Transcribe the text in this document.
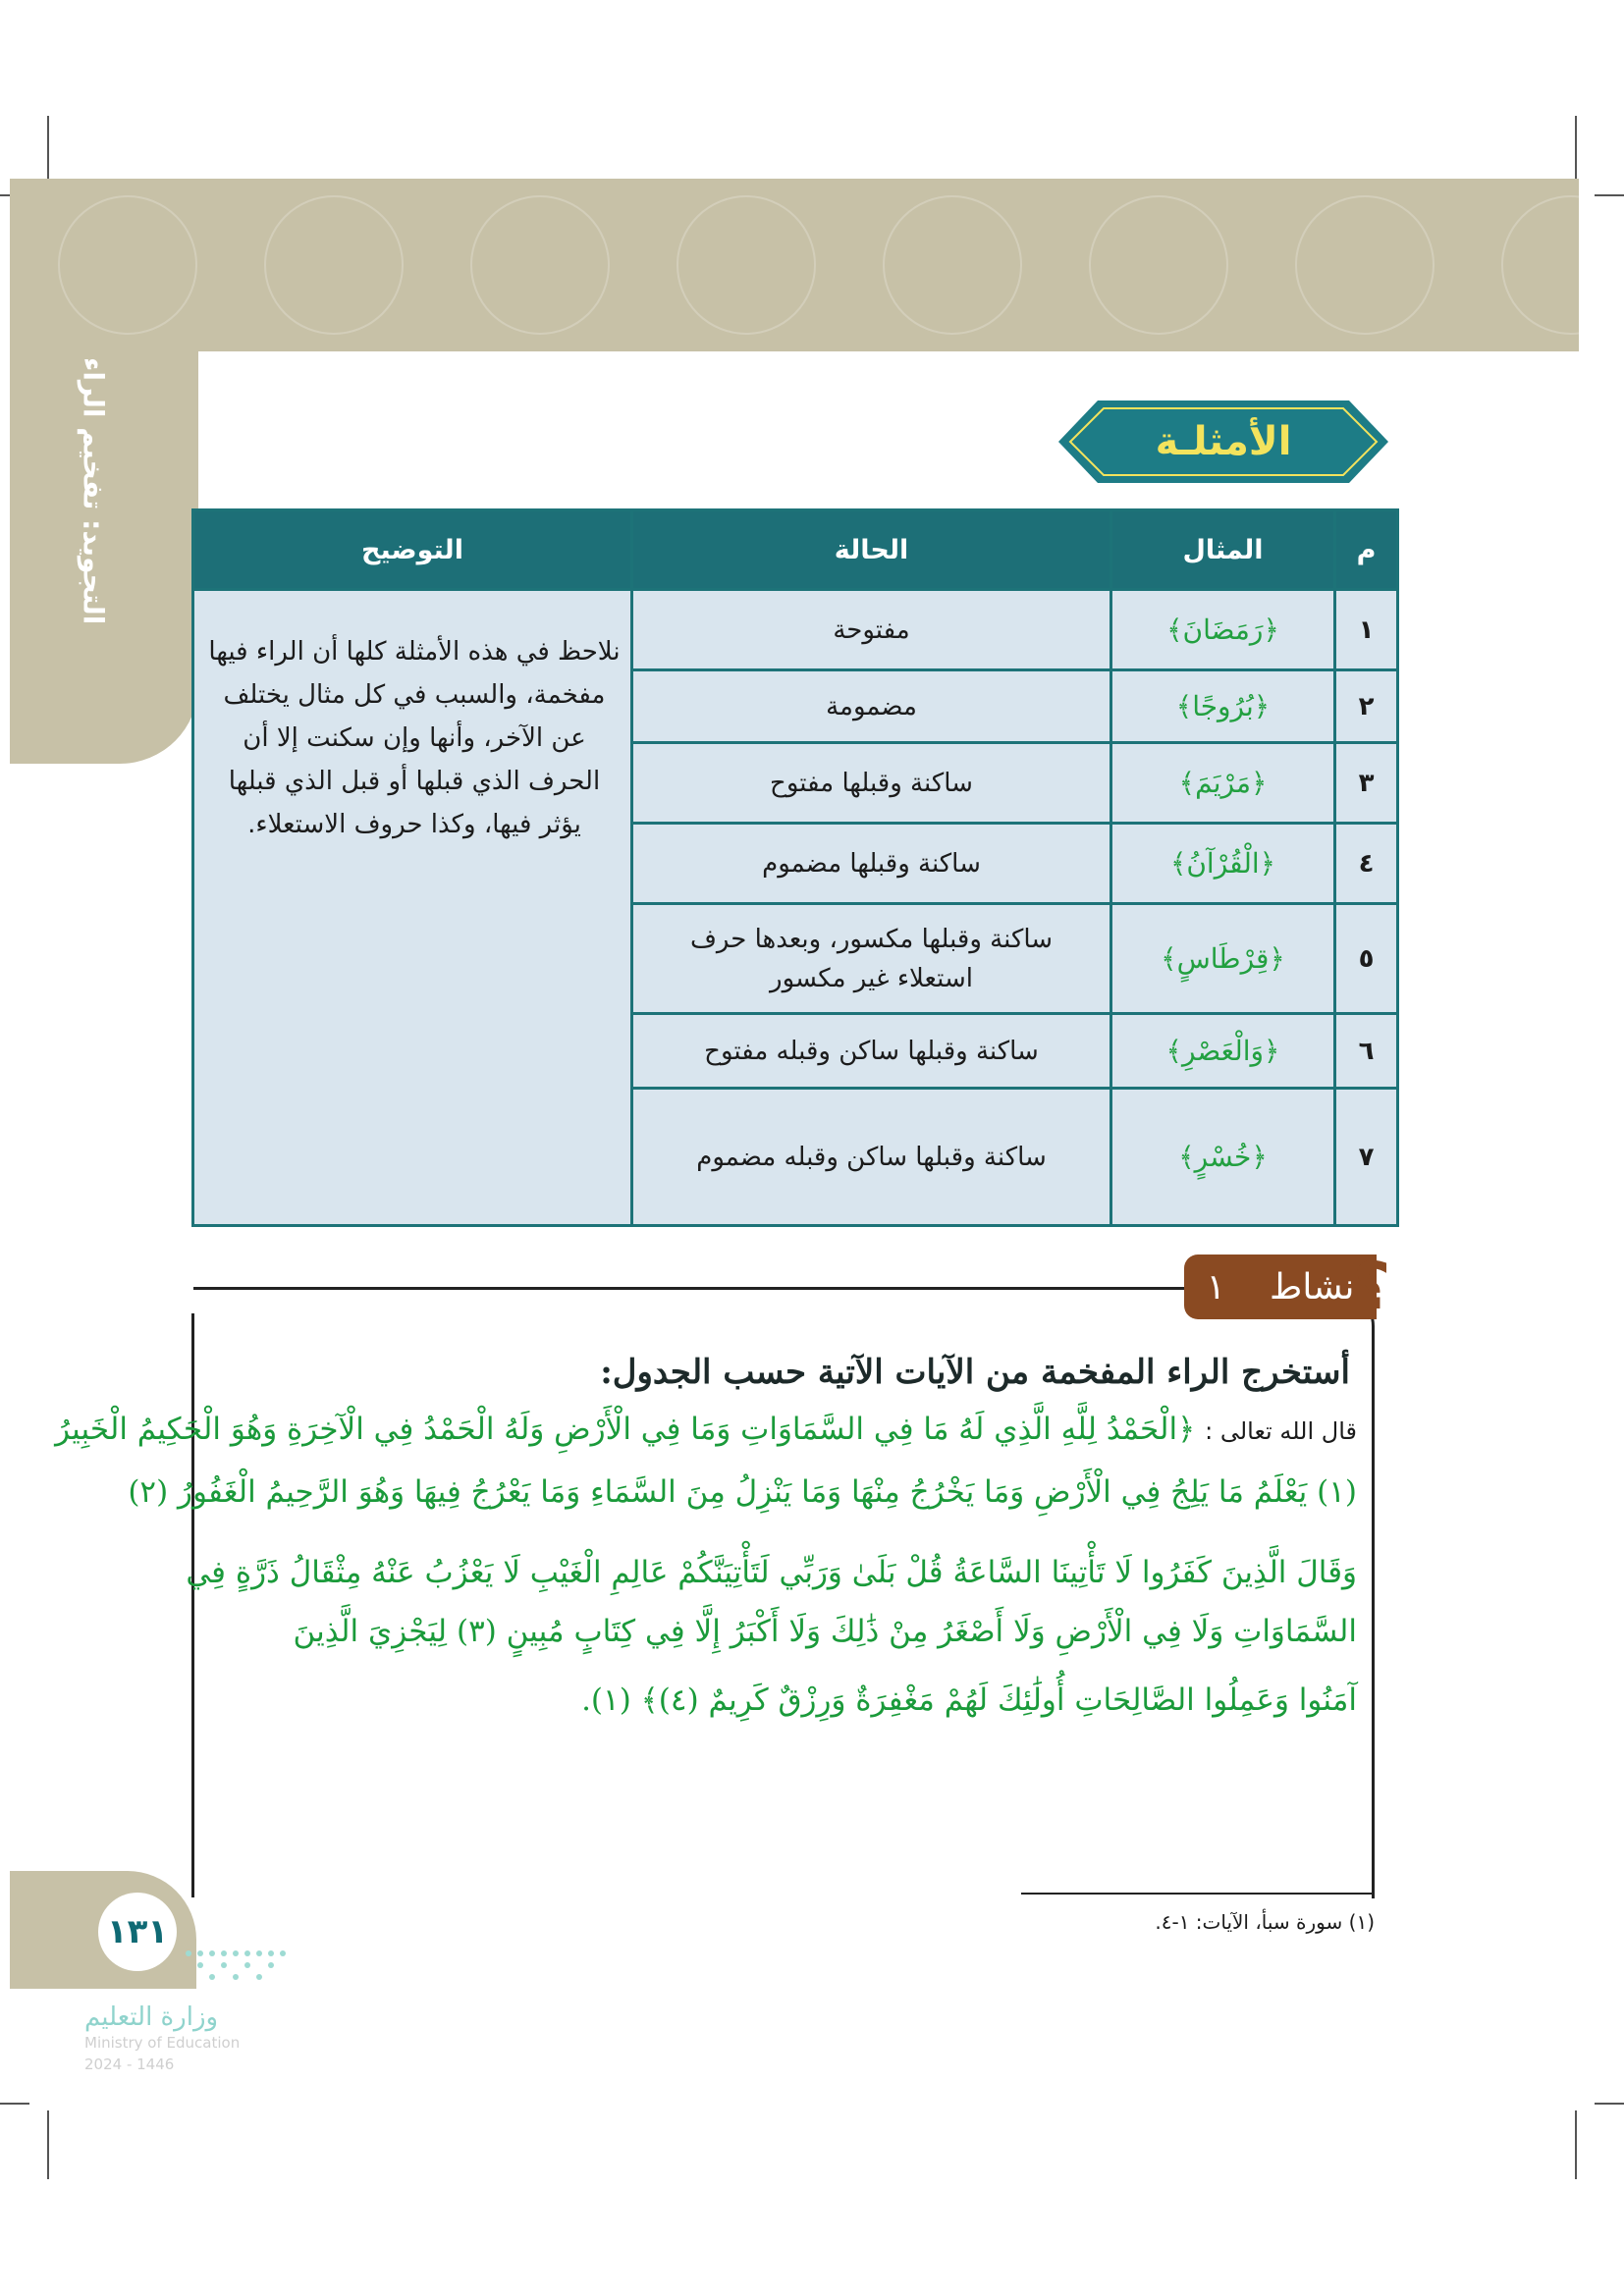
التجويد: تفخيم الراء	الأمثلـة
م	المثال	الحالة	التوضيح
١	﴿رَمَضَانَ﴾	مفتوحة	نلاحظ في هذه الأمثلة كلها أن الراء فيها مفخمة، والسبب في كل مثال يختلف عن الآخر، وأنها وإن سكنت إلا أن الحرف الذي قبلها أو قبل الذي قبلها يؤثر فيها، وكذا حروف الاستعلاء.
٢	﴿بُرُوجًا﴾	مضمومة	
٣	﴿مَرْيَمَ﴾	ساكنة وقبلها مفتوح	
٤	﴿الْقُرْآنُ﴾	ساكنة وقبلها مضموم	
٥	﴿قِرْطَاسٍ﴾	ساكنة وقبلها مكسور، وبعدها حرف استعلاء غير مكسور	
٦	﴿وَالْعَصْرِ﴾	ساكنة وقبلها ساكن وقبله مفتوح	
٧	﴿خُسْرٍ﴾	ساكنة وقبلها ساكن وقبله مضموم	
نشاط
١ ؟
أستخرج الراء المفخمة من الآيات الآتية حسب الجدول:
قال الله تعالى : ﴿الْحَمْدُ لِلَّهِ الَّذِي لَهُ مَا فِي السَّمَاوَاتِ وَمَا فِي الْأَرْضِ وَلَهُ الْحَمْدُ فِي الْآخِرَةِ وَهُوَ الْحَكِيمُ الْخَبِيرُ
(١) يَعْلَمُ مَا يَلِجُ فِي الْأَرْضِ وَمَا يَخْرُجُ مِنْهَا وَمَا يَنْزِلُ مِنَ السَّمَاءِ وَمَا يَعْرُجُ فِيهَا وَهُوَ الرَّحِيمُ الْغَفُورُ (٢)
وَقَالَ الَّذِينَ كَفَرُوا لَا تَأْتِينَا السَّاعَةُ قُلْ بَلَىٰ وَرَبِّي لَتَأْتِيَنَّكُمْ عَالِمِ الْغَيْبِ لَا يَعْزُبُ عَنْهُ مِثْقَالُ ذَرَّةٍ فِي
السَّمَاوَاتِ وَلَا فِي الْأَرْضِ وَلَا أَصْغَرُ مِنْ ذَٰلِكَ وَلَا أَكْبَرُ إِلَّا فِي كِتَابٍ مُبِينٍ (٣) لِيَجْزِيَ الَّذِينَ
آمَنُوا وَعَمِلُوا الصَّالِحَاتِ أُولَٰئِكَ لَهُمْ مَغْفِرَةٌ وَرِزْقٌ كَرِيمٌ (٤)﴾ (١).
(١) سورة سبأ، الآيات: ١-٤.
١٣١
وزارة التعليم
Ministry of Education
2024 - 1446
